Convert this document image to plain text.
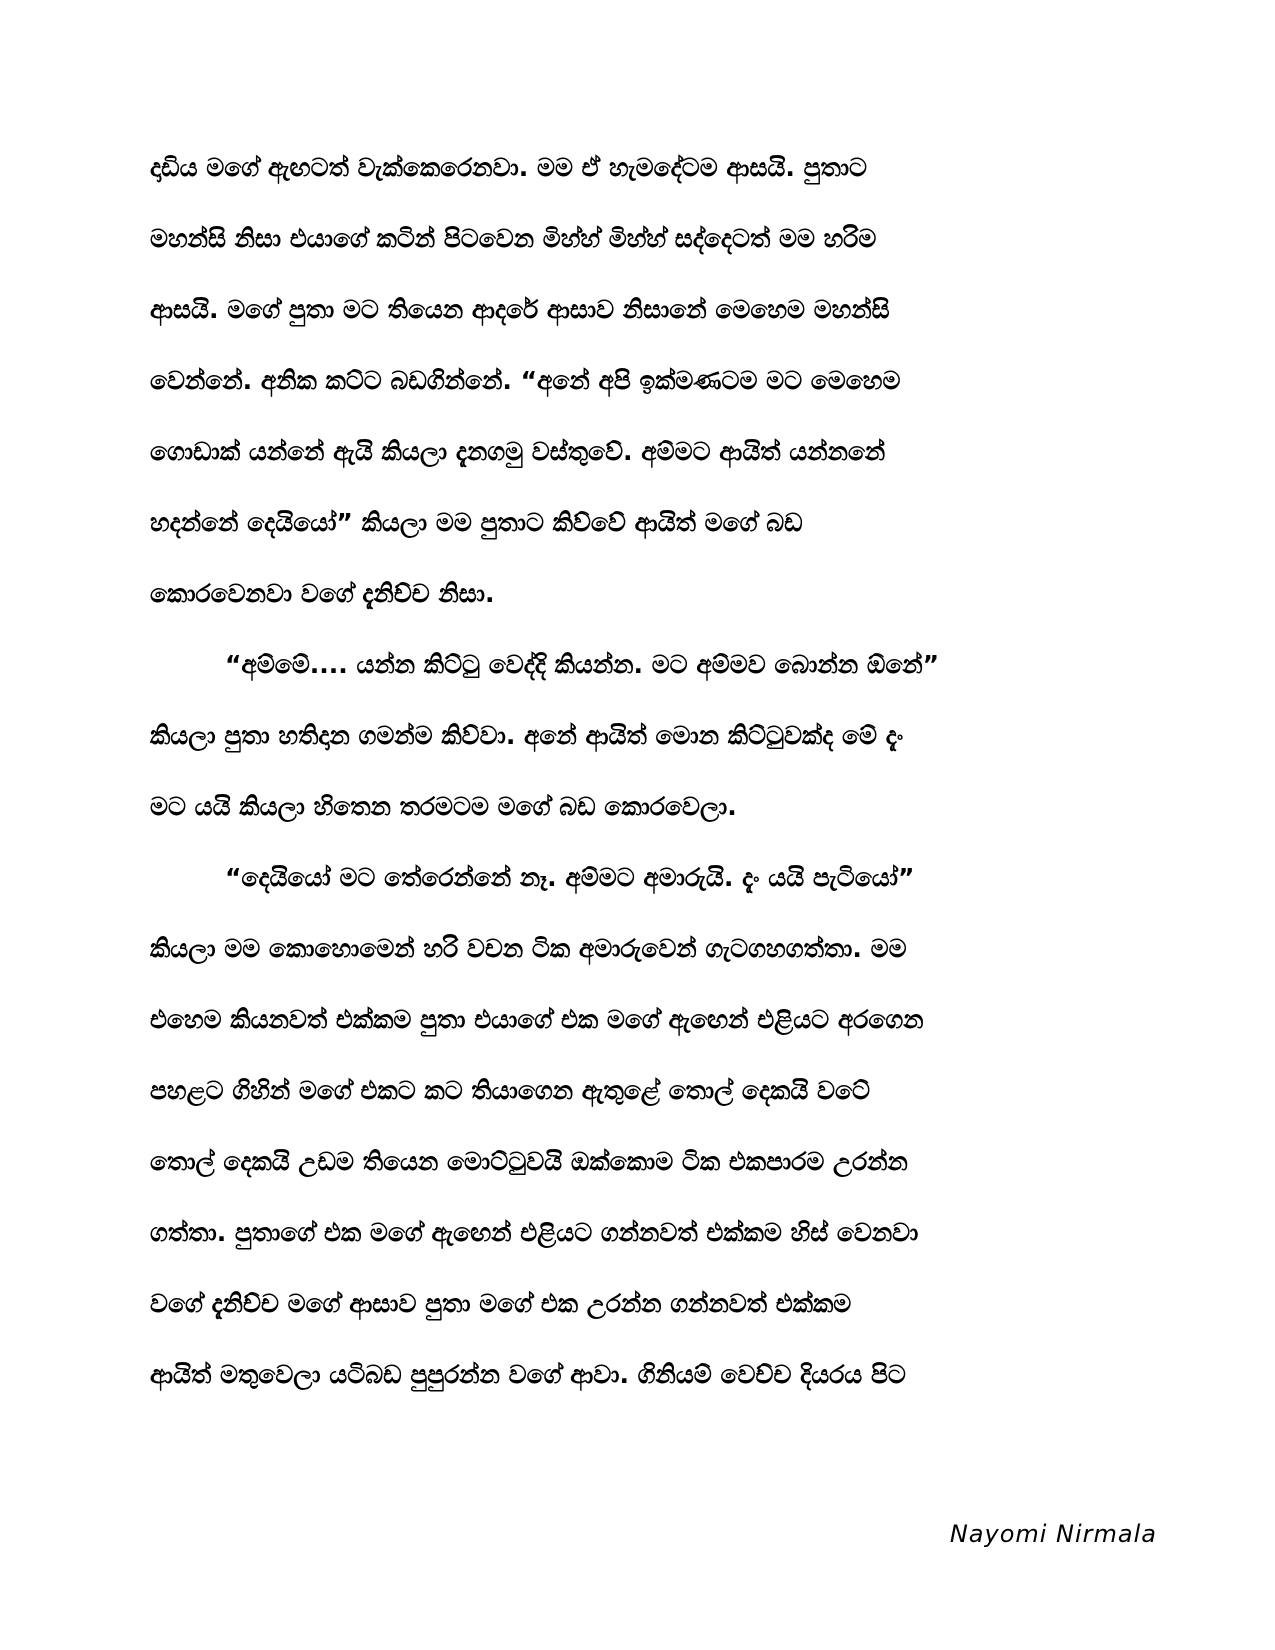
දාඩිය මගේ ඇඟටත් වැක්කෙරෙනවා. මම ඒ හැමදේටම ආසයි. පුතාට
මහන්සි නිසා එයාගේ කටින් පිටවෙන මිහ්හ් මිහ්හ් සද්දෙටත් මම හරිම
ආසයි. මගේ පුතා මට තියෙන ආදරේ ආසාව නිසානේ මෙහෙම මහන්සි
වෙන්නේ. අනික කට්ට බඩගින්නේ. “අනේ අපි ඉක්මණටම මට මෙහෙම
ගොඩාක් යන්නේ ඇයි කියලා දැනගමු වස්තුවේ. අම්මට ආයිත් යන්නනේ
හදන්නේ දෙයියෝ” කියලා මම පුතාට කිව්වේ ආයිත් මගේ බඩ
කොරවෙනවා වගේ දැනිච්ච නිසා.
“අම්මේ.... යන්න කිට්ටු වෙද්දි කියන්න. මට අම්මව බොන්න ඕනේ”
කියලා පුතා හතිදාන ගමන්ම කිව්වා. අනේ ආයිත් මොන කිට්ටුවක්ද මේ දැං
මට යයි කියලා හිතෙන තරමටම මගේ බඩ කොරවෙලා.
“දෙයියෝ මට තේරෙන්නේ නෑ. අම්මට අමාරුයි. දැං යයි පැටියෝ”
කියලා මම කොහොමෙන් හරි වචන ටික අමාරුවෙන් ගැටගහගත්තා. මම
එහෙම කියනවත් එක්කම පුතා එයාගේ එක මගේ ඇඟෙන් එළියට අරගෙන
පහළට ගිහින් මගේ එකට කට තියාගෙන ඇතුළේ තොල් දෙකයි වටේ
තොල් දෙකයි උඩම තියෙන මොට්ටුවයි ඔක්කොම ටික එකපාරම උරන්න
ගත්තා. පුතාගේ එක මගේ ඇඟෙන් එළියට ගන්නවත් එක්කම හිස් වෙනවා
වගේ දැනිච්ච මගේ ආසාව පුතා මගේ එක උරන්න ගන්නවත් එක්කම
ආයිත් මතුවෙලා යටිබඩ පුපුරන්න වගේ ආවා. ගිනියම් වෙච්ච දියරය පිට
Nayomi Nirmala
